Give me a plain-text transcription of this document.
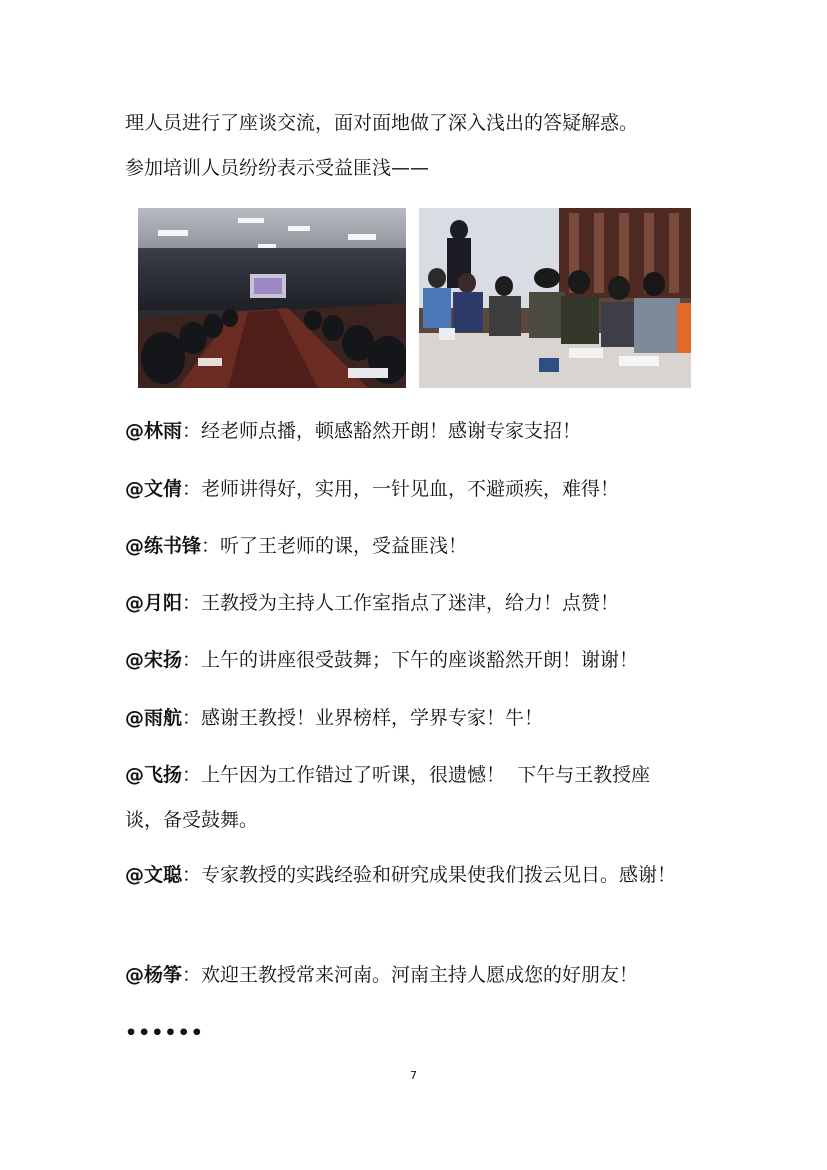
理人员进行了座谈交流，面对面地做了深入浅出的答疑解惑。
参加培训人员纷纷表示受益匪浅——
@林雨：经老师点播，顿感豁然开朗！感谢专家支招！
@文倩：老师讲得好，实用，一针见血，不避顽疾，难得！
@练书锋：听了王老师的课，受益匪浅！
@月阳：王教授为主持人工作室指点了迷津，给力！点赞！
@宋扬：上午的讲座很受鼓舞；下午的座谈豁然开朗！谢谢！
@雨航：感谢王教授！业界榜样，学界专家！牛！
@飞扬：上午因为工作错过了听课，很遗憾！  下午与王教授座
谈，备受鼓舞。
@文聪：专家教授的实践经验和研究成果使我们拨云见日。感谢！
@杨筝：欢迎王教授常来河南。河南主持人愿成您的好朋友！
••••••
7
